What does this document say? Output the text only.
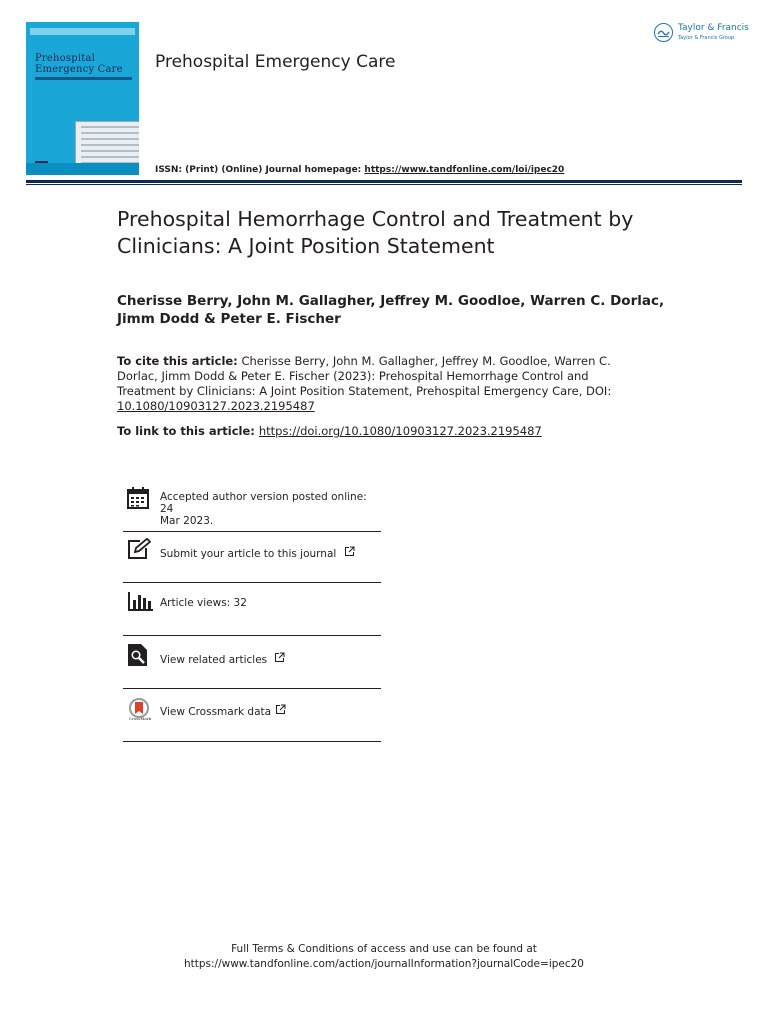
Prehospital
Emergency Care Prehospital Emergency Care
ISSN: (Print) (Online) Journal homepage: https://www.tandfonline.com/loi/ipec20
Taylor & Francis
Taylor & Francis Group
Prehospital Hemorrhage Control and Treatment by
Clinicians: A Joint Position Statement
Cherisse Berry, John M. Gallagher, Jeffrey M. Goodloe, Warren C. Dorlac,
Jimm Dodd & Peter E. Fischer
To cite this article: Cherisse Berry, John M. Gallagher, Jeffrey M. Goodloe, Warren C.
Dorlac, Jimm Dodd & Peter E. Fischer (2023): Prehospital Hemorrhage Control and
Treatment by Clinicians: A Joint Position Statement, Prehospital Emergency Care, DOI:
10.1080/10903127.2023.2195487
To link to this article: https://doi.org/10.1080/10903127.2023.2195487
Accepted author version posted online: 24
Mar 2023.
Submit your article to this journal
Article views: 32
View related articles
CrossMark
View Crossmark data
Full Terms & Conditions of access and use can be found at
https://www.tandfonline.com/action/journalInformation?journalCode=ipec20
